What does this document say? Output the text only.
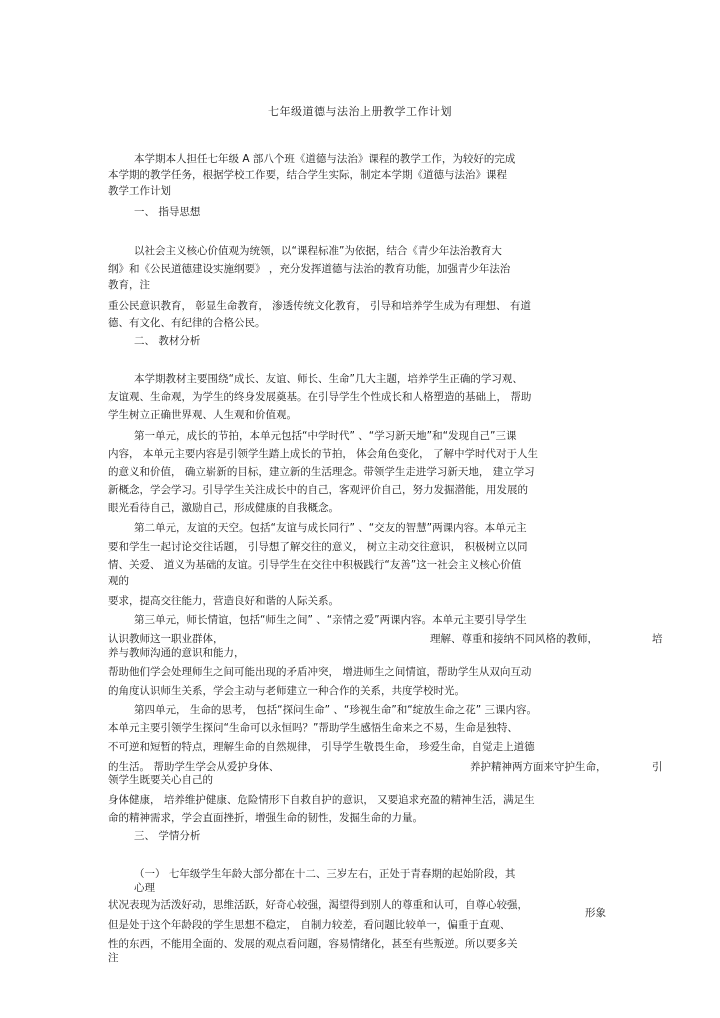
七年级道德与法治上册教学工作计划
本学期本人担任七年级 A 部八个班《道德与法治》课程的教学工作，为较好的完成
本学期的教学任务，根据学校工作要，结合学生实际，制定本学期《道德与法治》课程
教学工作计划
一、 指导思想
以社会主义核心价值观为统领，以“课程标准”为依据，结合《青少年法治教育大
纲》和《公民道德建设实施纲要》 ，充分发挥道德与法治的教育功能，加强青少年法治
教育，注
重公民意识教育， 彰显生命教育， 渗透传统文化教育， 引导和培养学生成为有理想、 有道
德、有文化、有纪律的合格公民。
二、 教材分析
本学期教材主要围绕“成长、友谊、师长、生命”几大主题，培养学生正确的学习观、
友谊观、生命观，为学生的终身发展奠基。在引导学生个性成长和人格塑造的基础上， 帮助
学生树立正确世界观、人生观和价值观。
第一单元，成长的节拍，本单元包括“中学时代” 、“学习新天地”和“发现自己”三课
内容， 本单元主要内容是引领学生踏上成长的节拍， 体会角色变化， 了解中学时代对于人生
的意义和价值， 确立崭新的目标，建立新的生活理念。带领学生走进学习新天地， 建立学习
新概念，学会学习。引导学生关注成长中的自己，客观评价自己，努力发掘潜能，用发展的
眼光看待自己，激励自己，形成健康的自我概念。
第二单元，友谊的天空。包括“友谊与成长同行” 、“交友的智慧”两课内容。本单元主
要和学生一起讨论交往话题， 引导想了解交往的意义， 树立主动交往意识， 积极树立以同
情、关爱、 道义为基础的友谊。引导学生在交往中积极践行“友善”这一社会主义核心价值
观的
要求，提高交往能力，营造良好和谐的人际关系。
第三单元，师长情谊，包括“师生之间” 、“亲情之爱”两课内容。本单元主要引导学生
认识教师这一职业群体，
养与教师沟通的意识和能力，
帮助他们学会处理师生之间可能出现的矛盾冲突， 增进师生之间情谊，帮助学生从双向互动
的角度认识师生关系，学会主动与老师建立一种合作的关系，共度学校时光。
第四单元， 生命的思考， 包括“探问生命” 、“珍视生命”和“绽放生命之花” 三课内容。
本单元主要引领学生探问“生命可以永恒吗？”帮助学生感悟生命来之不易，生命是独特、
不可逆和短暂的特点，理解生命的自然规律， 引导学生敬畏生命， 珍爱生命，自觉走上道德
的生活。 帮助学生学会从爱护身体、
领学生既要关心自己的
身体健康， 培养维护健康、危险情形下自救自护的意识， 又要追求充盈的精神生活，满足生
命的精神需求，学会直面挫折，增强生命的韧性，发掘生命的力量。
三、 学情分析
（一） 七年级学生年龄大部分都在十二、三岁左右，正处于青春期的起始阶段，其
心理
状况表现为活泼好动，思维活跃，好奇心较强，渴望得到别人的尊重和认可，自尊心较强，
但是处于这个年龄段的学生思想不稳定， 自制力较差，看问题比较单一，偏重于直观、
性的东西，不能用全面的、发展的观点看问题，容易情绪化，甚至有些叛逆。所以要多关
注
理解、尊重和接纳不同风格的教师，	培
养护精神两方面来守护生命，	引
形象
